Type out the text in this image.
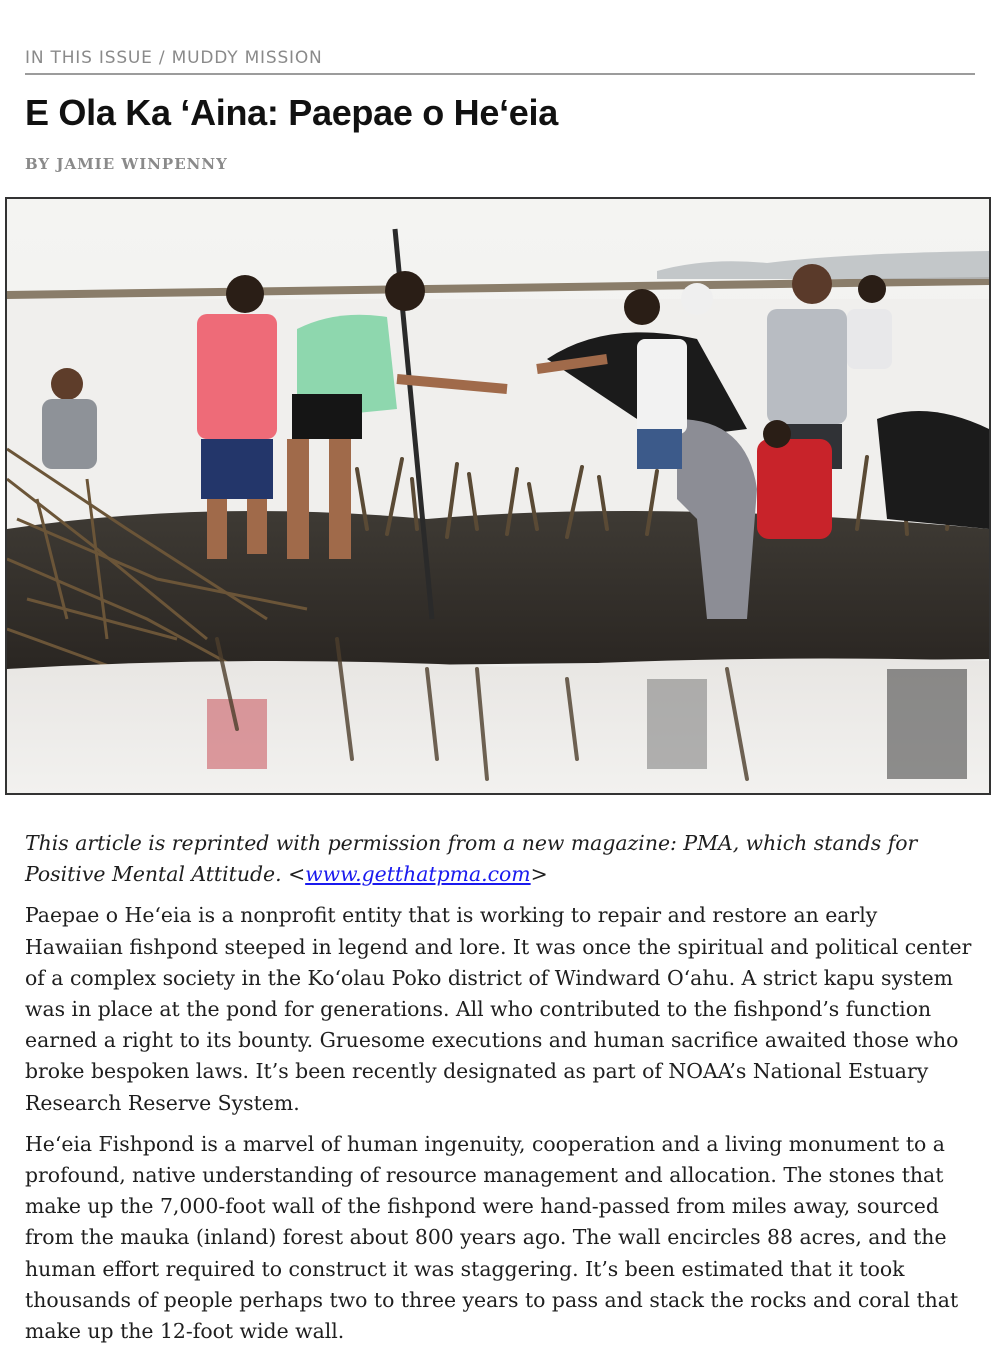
IN THIS ISSUE / MUDDY MISSION
E Ola Ka ‘Aina: Paepae o He‘eia
BY JAMIE WINPENNY

This article is reprinted with permission from a new magazine: PMA, which stands for Positive Mental Attitude. <www.getthatpma.com>

Paepae o He‘eia is a nonprofit entity that is working to repair and restore an early Hawaiian fishpond steeped in legend and lore. It was once the spiritual and political center of a complex society in the Ko‘olau Poko district of Windward O‘ahu. A strict kapu system was in place at the pond for generations. All who contributed to the fishpond’s function earned a right to its bounty. Gruesome executions and human sacrifice awaited those who broke bespoken laws. It’s been recently designated as part of NOAA’s National Estuary Research Reserve System.

He‘eia Fishpond is a marvel of human ingenuity, cooperation and a living monument to a profound, native understanding of resource management and allocation. The stones that make up the 7,000-foot wall of the fishpond were hand-passed from miles away, sourced from the mauka (inland) forest about 800 years ago. The wall encircles 88 acres, and the human effort required to construct it was staggering. It’s been estimated that it took thousands of people perhaps two to three years to pass and stack the rocks and coral that make up the 12-foot wide wall.
